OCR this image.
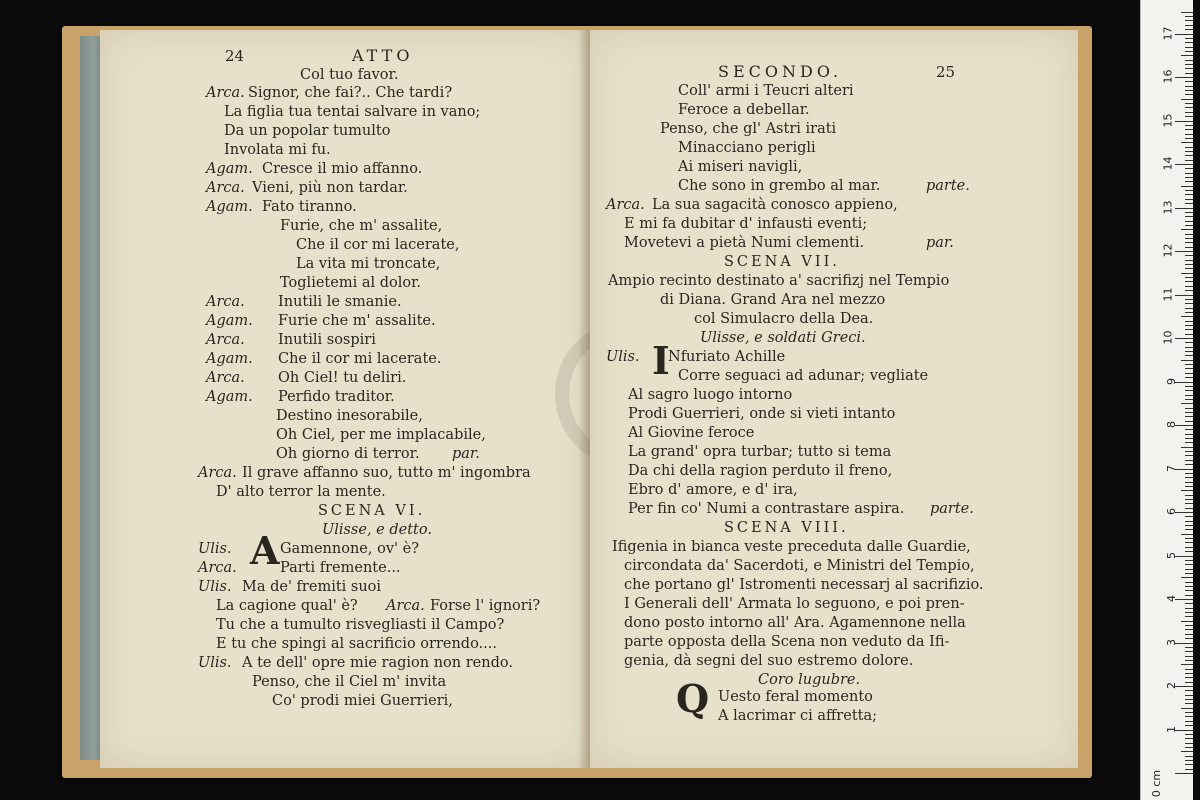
24	ATTO
Col tuo favor.
Arca. Signor, che fai?.. Che tardi?
La figlia tua tentai salvare in vano;
Da un popolar tumulto
Involata mi fu.
Agam. Cresce il mio affanno.
Arca. Vieni, più non tardar.
Agam. Fato tiranno.
Furie, che m' assalite,
Che il cor mi lacerate,
La vita mi troncate,
Toglietemi al dolor.
Arca. Inutili le smanie.
Agam. Furie che m' assalite.
Arca. Inutili sospiri
Agam. Che il cor mi lacerate.
Arca. Oh Ciel! tu deliri.
Agam. Perfido traditor.
Destino inesorabile,
Oh Ciel, per me implacabile,
Oh giorno di terror. par.
Arca. Il grave affanno suo, tutto m' ingombra
D' alto terror la mente.
SCENA VI.
Ulisse, e detto.
Ulis. A Gamennone, ov' è?
Arca.	Parti fremente...
Ulis. Ma de' fremiti suoi
La cagione qual' è? Arca. Forse l' ignori?
Tu che a tumulto risvegliasti il Campo?
E tu che spingi al sacrificio orrendo....
Ulis. A te dell' opre mie ragion non rendo.
Penso, che il Ciel m' invita
Co' prodi miei Guerrieri,
SECONDO.	25
Coll' armi i Teucri alteri
Feroce a debellar.
Penso, che gl' Astri irati
Minacciano perigli
Ai miseri navigli,
Che sono in grembo al mar.	parte.
Arca. La sua sagacità conosco appieno,
E mi fa dubitar d' infausti eventi;
Movetevi a pietà Numi clementi.	par.
SCENA VII.
Ampio recinto destinato a' sacrifizj nel Tempio
di Diana. Grand Ara nel mezzo
col Simulacro della Dea.
Ulisse, e soldati Greci.
Ulis. I
Nfuriato Achille
Corre seguaci ad adunar; vegliate
Al sagro luogo intorno
Prodi Guerrieri, onde si vieti intanto
Al Giovine feroce
La grand' opra turbar; tutto si tema
Da chi della ragion perduto il freno,
Ebro d' amore, e d' ira,
Per fin co' Numi a contrastare aspira. parte.
SCENA VIII.
Ifigenia in bianca veste preceduta dalle Guardie,
circondata da' Sacerdoti, e Ministri del Tempio,
che portano gl' Istromenti necessarj al sacrifizio.
I Generali dell' Armata lo seguono, e poi pren-
dono posto intorno all' Ara. Agamennone nella
parte opposta della Scena non veduto da Ifi-
genia, dà segni del suo estremo dolore.
Coro lugubre.
Q Uesto feral momento
A lacrimar ci affretta;
1
2
3
4
5
6
7
8
9
10
11
12
13
14
15
16
17
0 cm
